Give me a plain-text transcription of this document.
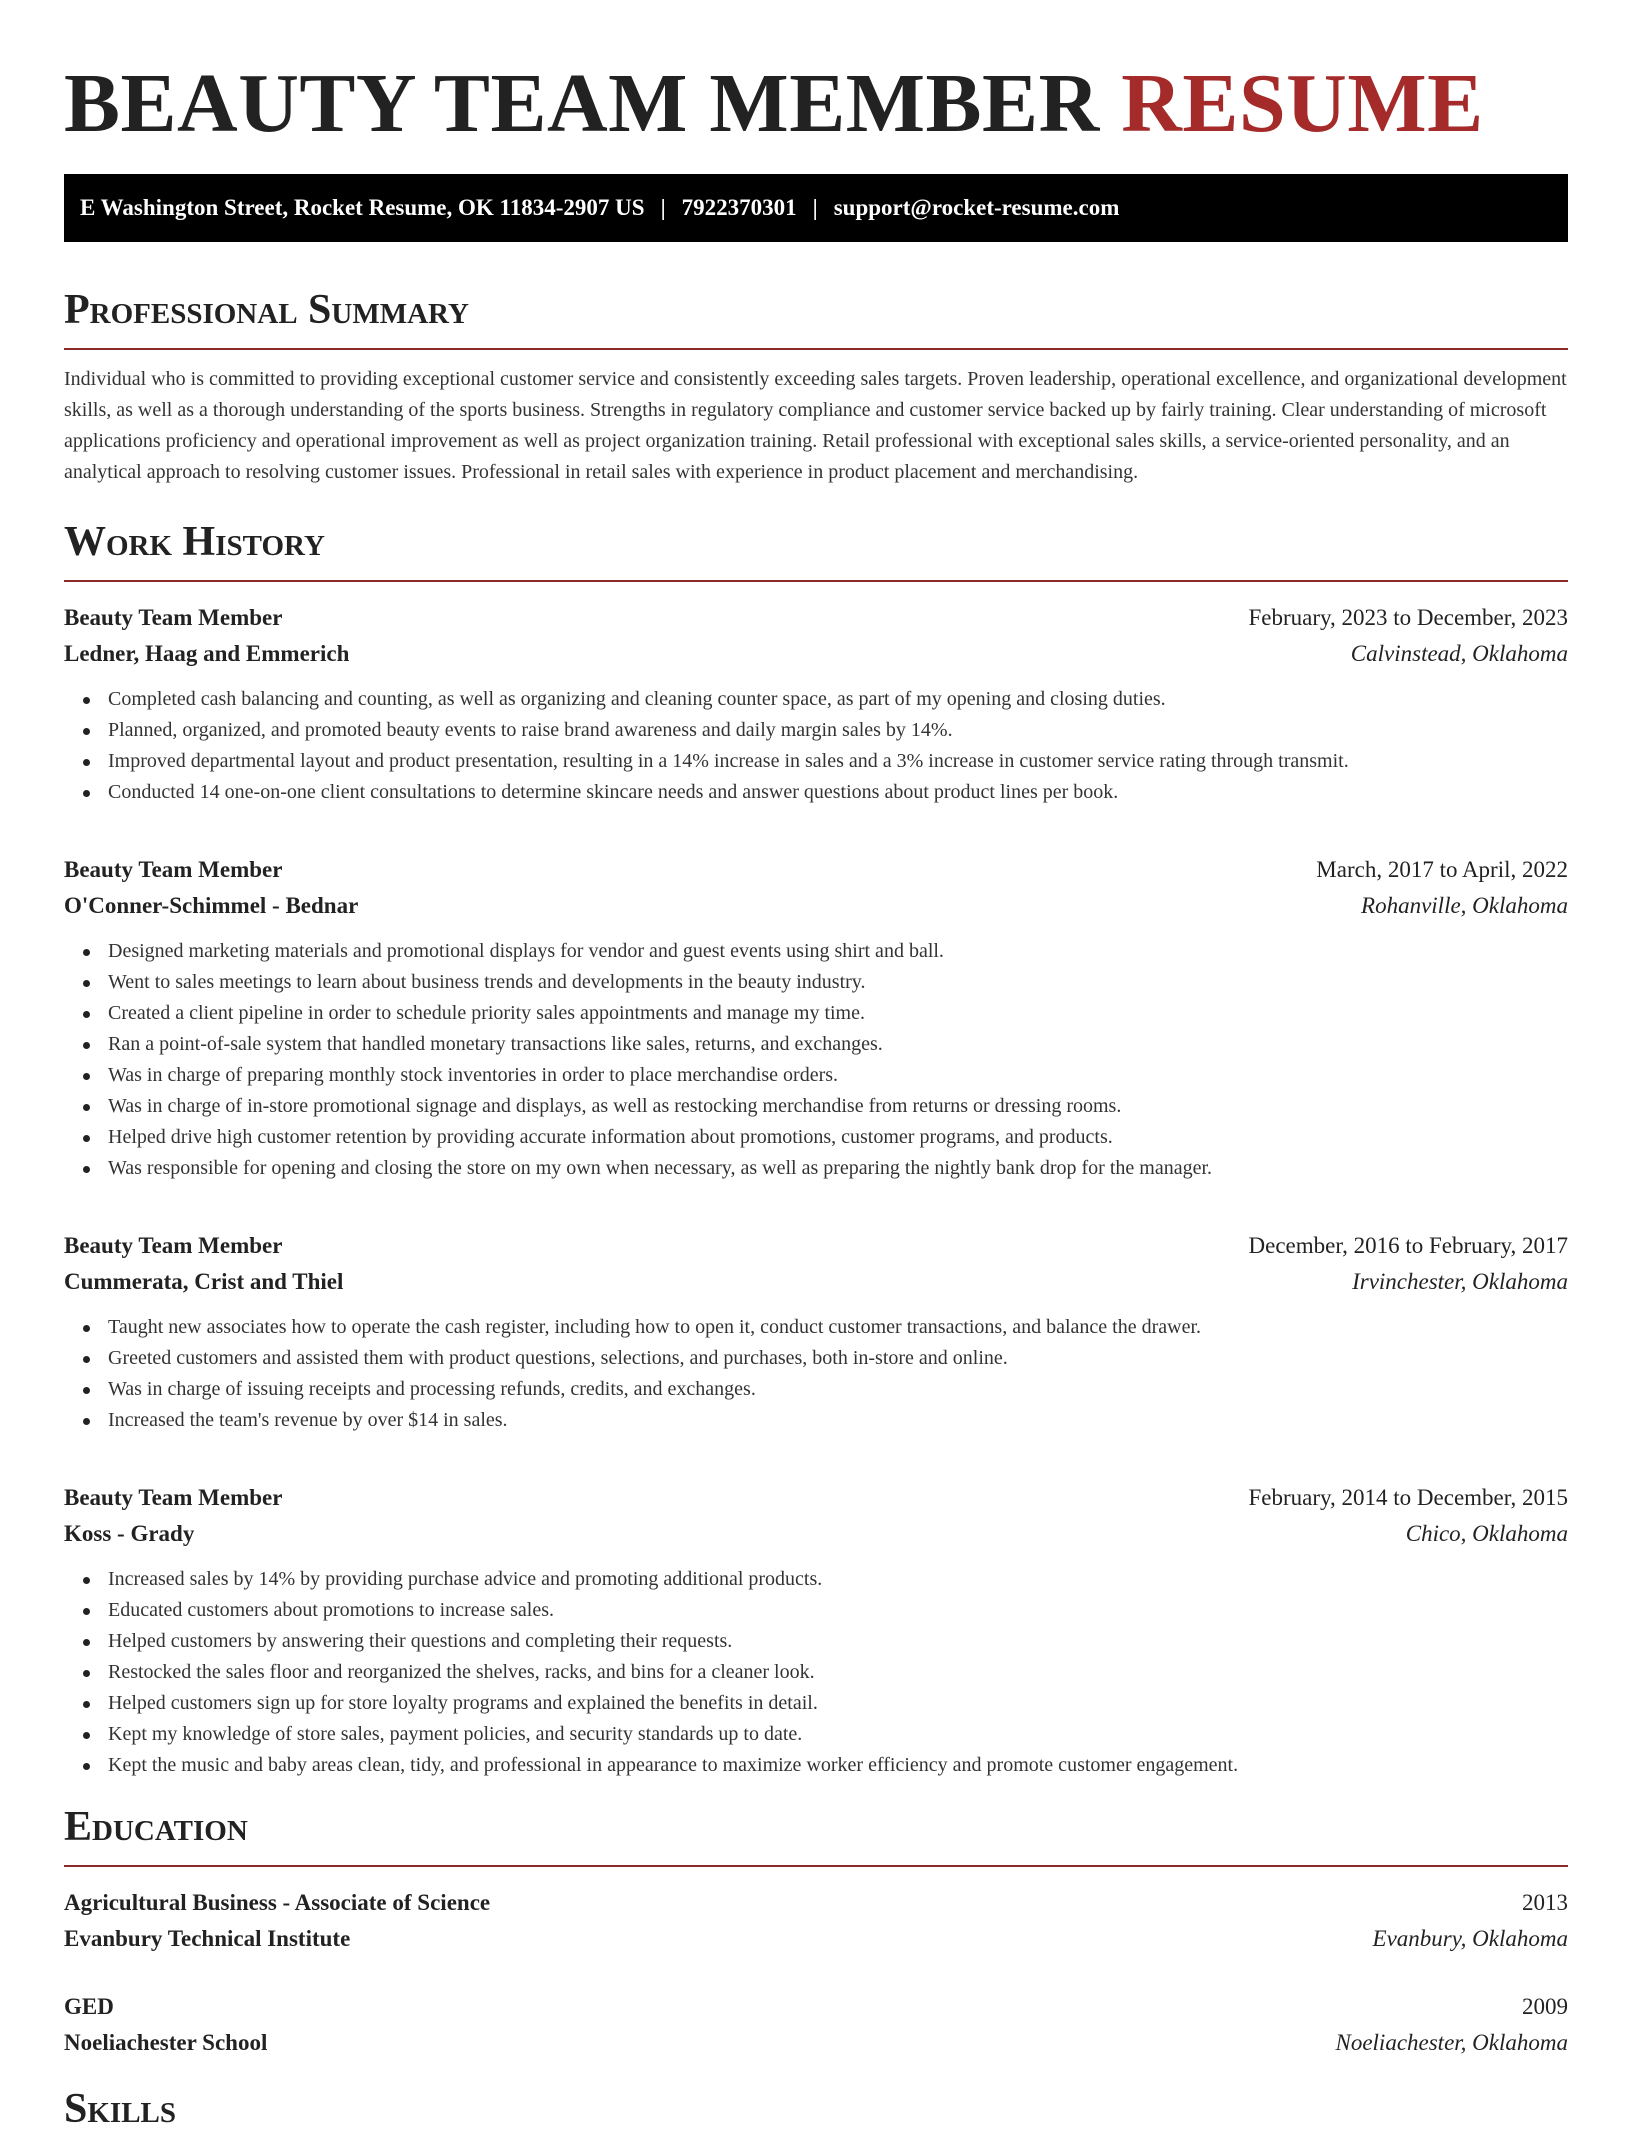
BEAUTY TEAM MEMBER RESUME
E Washington Street, Rocket Resume, OK 11834-2907 US | 7922370301 | support@rocket-resume.com
Professional Summary

Individual who is committed to providing exceptional customer service and consistently exceeding sales targets. Proven leadership, operational excellence, and organizational development skills, as well as a thorough understanding of the sports business. Strengths in regulatory compliance and customer service backed up by fairly training. Clear understanding of microsoft applications proficiency and operational improvement as well as project organization training. Retail professional with exceptional sales skills, a service-oriented personality, and an analytical approach to resolving customer issues. Professional in retail sales with experience in product placement and merchandising.

Work History
Beauty Team Member	February, 2023 to December, 2023
Ledner, Haag and Emmerich	Calvinstead, Oklahoma
Completed cash balancing and counting, as well as organizing and cleaning counter space, as part of my opening and closing duties.
Planned, organized, and promoted beauty events to raise brand awareness and daily margin sales by 14%.
Improved departmental layout and product presentation, resulting in a 14% increase in sales and a 3% increase in customer service rating through transmit.
Conducted 14 one-on-one client consultations to determine skincare needs and answer questions about product lines per book.
Beauty Team Member	March, 2017 to April, 2022
O'Conner-Schimmel - Bednar	Rohanville, Oklahoma
Designed marketing materials and promotional displays for vendor and guest events using shirt and ball.
Went to sales meetings to learn about business trends and developments in the beauty industry.
Created a client pipeline in order to schedule priority sales appointments and manage my time.
Ran a point-of-sale system that handled monetary transactions like sales, returns, and exchanges.
Was in charge of preparing monthly stock inventories in order to place merchandise orders.
Was in charge of in-store promotional signage and displays, as well as restocking merchandise from returns or dressing rooms.
Helped drive high customer retention by providing accurate information about promotions, customer programs, and products.
Was responsible for opening and closing the store on my own when necessary, as well as preparing the nightly bank drop for the manager.
Beauty Team Member	December, 2016 to February, 2017
Cummerata, Crist and Thiel	Irvinchester, Oklahoma
Taught new associates how to operate the cash register, including how to open it, conduct customer transactions, and balance the drawer.
Greeted customers and assisted them with product questions, selections, and purchases, both in-store and online.
Was in charge of issuing receipts and processing refunds, credits, and exchanges.
Increased the team's revenue by over $14 in sales.
Beauty Team Member	February, 2014 to December, 2015
Koss - Grady	Chico, Oklahoma
Increased sales by 14% by providing purchase advice and promoting additional products.
Educated customers about promotions to increase sales.
Helped customers by answering their questions and completing their requests.
Restocked the sales floor and reorganized the shelves, racks, and bins for a cleaner look.
Helped customers sign up for store loyalty programs and explained the benefits in detail.
Kept my knowledge of store sales, payment policies, and security standards up to date.
Kept the music and baby areas clean, tidy, and professional in appearance to maximize worker efficiency and promote customer engagement.
Education
Agricultural Business - Associate of Science	2013
Evanbury Technical Institute	Evanbury, Oklahoma
GED	2009
Noeliachester School	Noeliachester, Oklahoma
Skills
